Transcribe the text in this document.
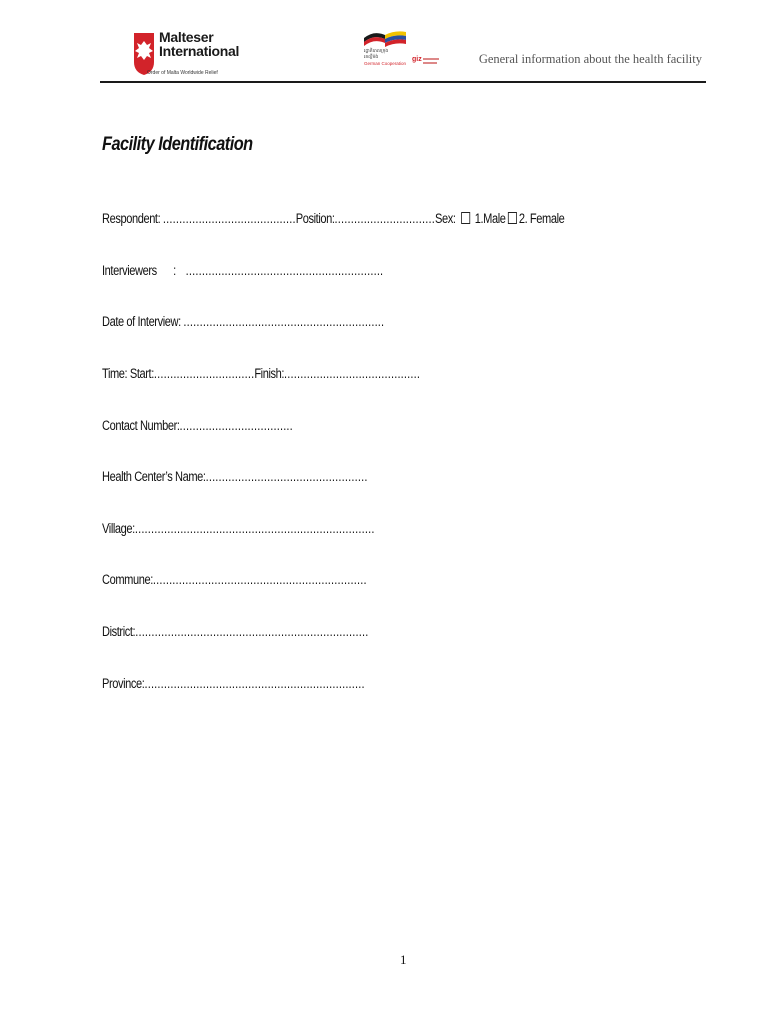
Malteser
International
Order of Malta Worldwide Relief
រដ្ឋាភិបាលក្រុង
អាល្លឺម៉ង់
German Cooperation
giz	General information about the health facility
Facility Identification
Respondent: .........................................Position:...............................Sex:  1.Male 2. Female
Interviewers : .............................................................
Date of Interview: ..............................................................
Time: Start:...............................Finish:..........................................
Contact Number:...................................
Health Center’s Name:..................................................
Village:..........................................................................
Commune:..................................................................
District:........................................................................
Province:....................................................................
1
